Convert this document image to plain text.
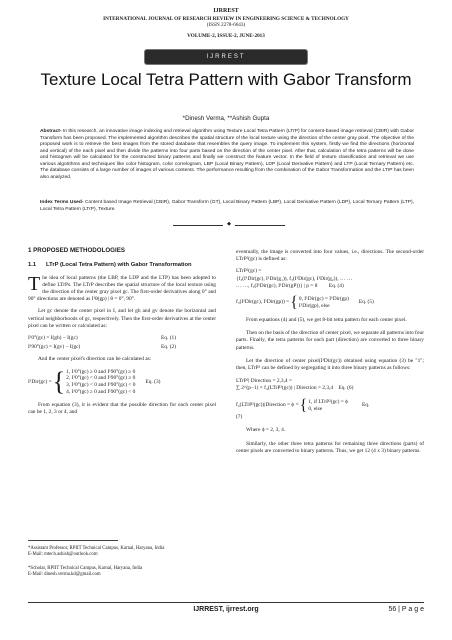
IJRREST
INTERNATIONAL JOURNAL OF RESEARCH REVIEW IN ENGINEERING SCIENCE & TECHNOLOGY
(ISSN 2278-6643)
VOLUME-2, ISSUE-2, JUNE-2013
IJRREST
Texture Local Tetra Pattern with Gabor Transform
*Dinesh Verma, **Ashish Gupta
Abstract- In this research, an innovative image indexing and retrieval algorithm using Texture Local Tetra Pattern (LTrP) for content-based image retrieval (CBIR) with Gabor Transform has been proposed. The implemented algorithm describes the spatial structure of the local texture using the direction of the center gray pixel. The objective of the proposed work is to retrieve the best images from the stored database that resembles the query image. To implement this system, firstly we find the directions (horizontal and vertical) of the each pixel and then divide the patterns into four parts based on the direction of the center pixel. After that, calculation of the tetra patterns will be done and histogram will be calculated for the constructed binary patterns and finally we construct the feature vector. In the field of texture classification and retrieval we use various algorithms and techniques like color histogram, color correlogram, LBP (Local Binary Pattern), LDP (Local Derivative Pattern) and LTP (Local Ternary Pattern) etc. The database consists of a large number of images of various contents. The performance resulting from the combination of the Gabor Transformation and the LTrP has been also analyzed.
Index Terms Used- Content based Image Retrieval (CBIR), Gabor Transform (GT), Local Binary Pattern (LBP), Local Derivative Pattern (LDP), Local Ternary Pattern (LTP), Local Tetra Pattern (LTrP), Texture.
◆
1 PROPOSED METHODOLOGIES
1.1 LTrP (Local Tetra Pattern) with Gabor Transformation

The idea of local patterns (the LBP, the LDP and the LTP) has been adopted to define LTrPs. The LTrP describes the spatial structure of the local texture using the direction of the center gray pixel gc. The first-order derivatives along 0° and 90° directions are denoted as I¹θ(gp) | θ = 0°, 90°.

Let gc denote the center pixel in I, and let gh and gv denote the horizontal and vertical neighborhoods of gc, respectively. Then the first-order derivatives at the center pixel can be written or calculated as:

I¹0°(gc) = I(gh) − I(gc)	Eq. (1)
I¹90°(gc) = I(gv) − I(gc)	Eq. (2)

And the center pixel's direction can be calculated as:

I¹Dir(gc) = { 1, I¹0°(gc) ≥ 0 and I¹90°(gc) ≥ 0
2, I¹0°(gc) < 0 and I¹90°(gc) ≥ 0
3, I¹0°(gc) < 0 and I¹90°(gc) < 0
4, I¹0°(gc) ≥ 0 and I¹90°(gc) < 0
Eq. (3)

From equation (3), it is evident that the possible direction for each center pixel can be 1, 2, 3 or 4, and

*Assistant Professor, RPIIT Technical Campus, Karnal, Haryana, India
E-Mail: mtech.ashish@outlook.com
*Scholar, RPIIT Technical Campus, Karnal, Haryana, India
E-Mail: dinesh.verma.kd@gmail.com

eventually, the image is converted into four values, i.e., directions. The second-order LTrP²(gc) is defined as:

LTrP²(gc) =
{f₃(I¹Dir(gc), I¹Dir(g₁)), f₃(I¹Dir(gc), I¹Dir(g₂)), … …
… …, f₃(I¹Dir(gc), I¹Dir(gP))} | p = 8 Eq. (4)
f₃(I¹Dir(gc), I¹Dir(gp)) = { 0, I¹Dir(gc) = I¹Dir(gp)
I¹Dir(gp), else
Eq. (5)

From equations (4) and (5), we get 8-bit tetra pattern for each center pixel.

Then on the basis of the direction of center pixel, we separate all patterns into four parts. Finally, the tetra patterns for each part (direction) are converted to three binary patterns.

Let the direction of center pixel(I¹Dir(gc)) obtained using equation (3) be "1"; then, LTrP² can be defined by segregating it into three binary patterns as follows:

LTrP²| Direction = 2,3,4 =
∑ 2^(p−1) × f₄(LTrP²(gc)) | Direction = 2,3,4 Eq. (6)
f₄(LTrP²(gc))|Direction = ϕ = { 1, if LTrP²(gc) = ϕ
0, else
Eq.
(7)

Where ϕ = 2, 3, 4.

Similarly, the other three tetra patterns for remaining three directions (parts) of center pixels are converted to binary patterns. Thus, we get 12 (4 x 3) binary patterns.

IJRREST, ijrrest.org	56 | P a g e
